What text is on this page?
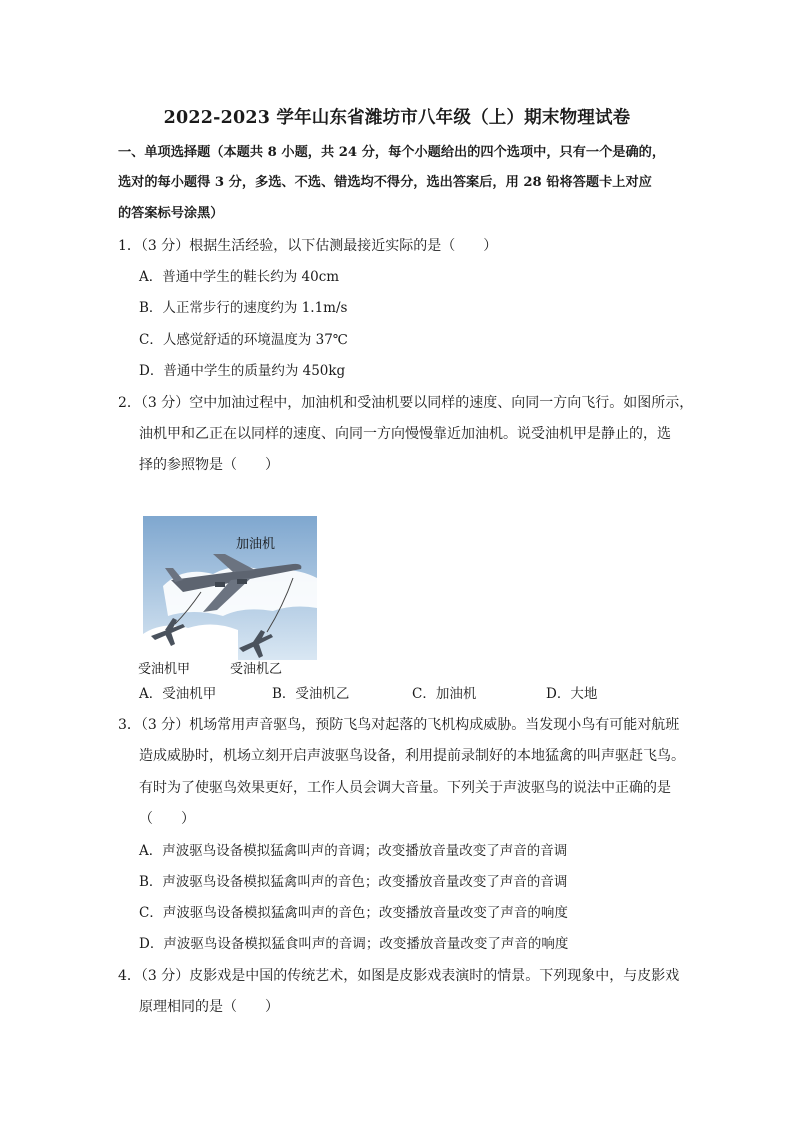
2022-2023 学年山东省潍坊市八年级（上）期末物理试卷
一、单项选择题（本题共 8 小题，共 24 分，每个小题给出的四个选项中，只有一个是确的，
选对的每小题得 3 分，多选、不选、错选均不得分，选出答案后，用 28 铅将答题卡上对应
的答案标号涂黑）
1．（3 分）根据生活经验，以下估测最接近实际的是（　　）
A．普通中学生的鞋长约为 40cm
B．人正常步行的速度约为 1.1m/s
C．人感觉舒适的环境温度为 37℃
D．普通中学生的质量约为 450kg
2．（3 分）空中加油过程中，加油机和受油机要以同样的速度、向同一方向飞行。如图所示，
油机甲和乙正在以同样的速度、向同一方向慢慢靠近加油机。说受油机甲是静止的，选
择的参照物是（　　）
加油机
受油机甲	受油机乙
A．受油机甲	B．受油机乙	C．加油机	D．大地
3．（3 分）机场常用声音驱鸟，预防飞鸟对起落的飞机构成威胁。当发现小鸟有可能对航班
造成威胁时，机场立刻开启声波驱鸟设备，利用提前录制好的本地猛禽的叫声驱赶飞鸟。
有时为了使驱鸟效果更好，工作人员会调大音量。下列关于声波驱鸟的说法中正确的是
（　　）
A．声波驱鸟设备模拟猛禽叫声的音调；改变播放音量改变了声音的音调
B．声波驱鸟设备模拟猛禽叫声的音色；改变播放音量改变了声音的音调
C．声波驱鸟设备模拟猛禽叫声的音色；改变播放音量改变了声音的响度
D．声波驱鸟设备模拟猛食叫声的音调；改变播放音量改变了声音的响度
4．（3 分）皮影戏是中国的传统艺术，如图是皮影戏表演时的情景。下列现象中，与皮影戏
原理相同的是（　　）
